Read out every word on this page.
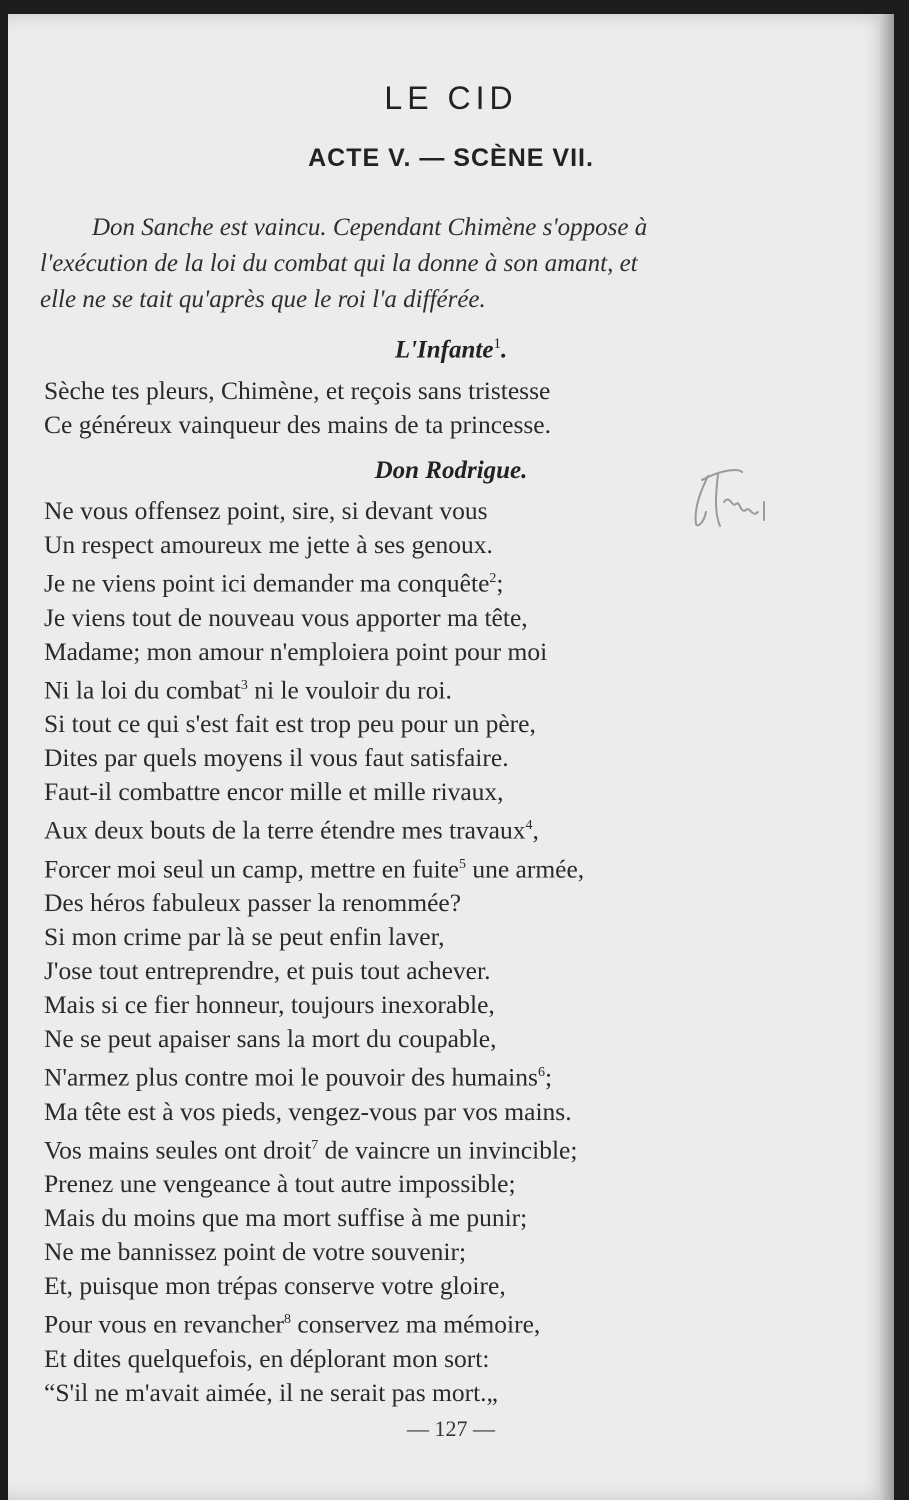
LE CID
ACTE V. — SCÈNE VII.
Don Sanche est vaincu. Cependant Chimène s'oppose à
l'exécution de la loi du combat qui la donne à son amant, et
elle ne se tait qu'après que le roi l'a différée.
L'Infante$^1$.
Sèche tes pleurs, Chimène, et reçois sans tristesse
Ce généreux vainqueur des mains de ta princesse.
Don Rodrigue.
Ne vous offensez point, sire, si devant vous
Un respect amoureux me jette à ses genoux.
Je ne viens point ici demander ma conquête$^2$;
Je viens tout de nouveau vous apporter ma tête,
Madame; mon amour n'emploiera point pour moi
Ni la loi du combat$^3$ ni le vouloir du roi.
Si tout ce qui s'est fait est trop peu pour un père,
Dites par quels moyens il vous faut satisfaire.
Faut-il combattre encor mille et mille rivaux,
Aux deux bouts de la terre étendre mes travaux$^4$,
Forcer moi seul un camp, mettre en fuite$^5$ une armée,
Des héros fabuleux passer la renommée?
Si mon crime par là se peut enfin laver,
J'ose tout entreprendre, et puis tout achever.
Mais si ce fier honneur, toujours inexorable,
Ne se peut apaiser sans la mort du coupable,
N'armez plus contre moi le pouvoir des humains$^6$;
Ma tête est à vos pieds, vengez-vous par vos mains.
Vos mains seules ont droit$^7$ de vaincre un invincible;
Prenez une vengeance à tout autre impossible;
Mais du moins que ma mort suffise à me punir;
Ne me bannissez point de votre souvenir;
Et, puisque mon trépas conserve votre gloire,
Pour vous en revancher$^8$ conservez ma mémoire,
Et dites quelquefois, en déplorant mon sort:
“S'il ne m'avait aimée, il ne serait pas mort.„
— 127 —
